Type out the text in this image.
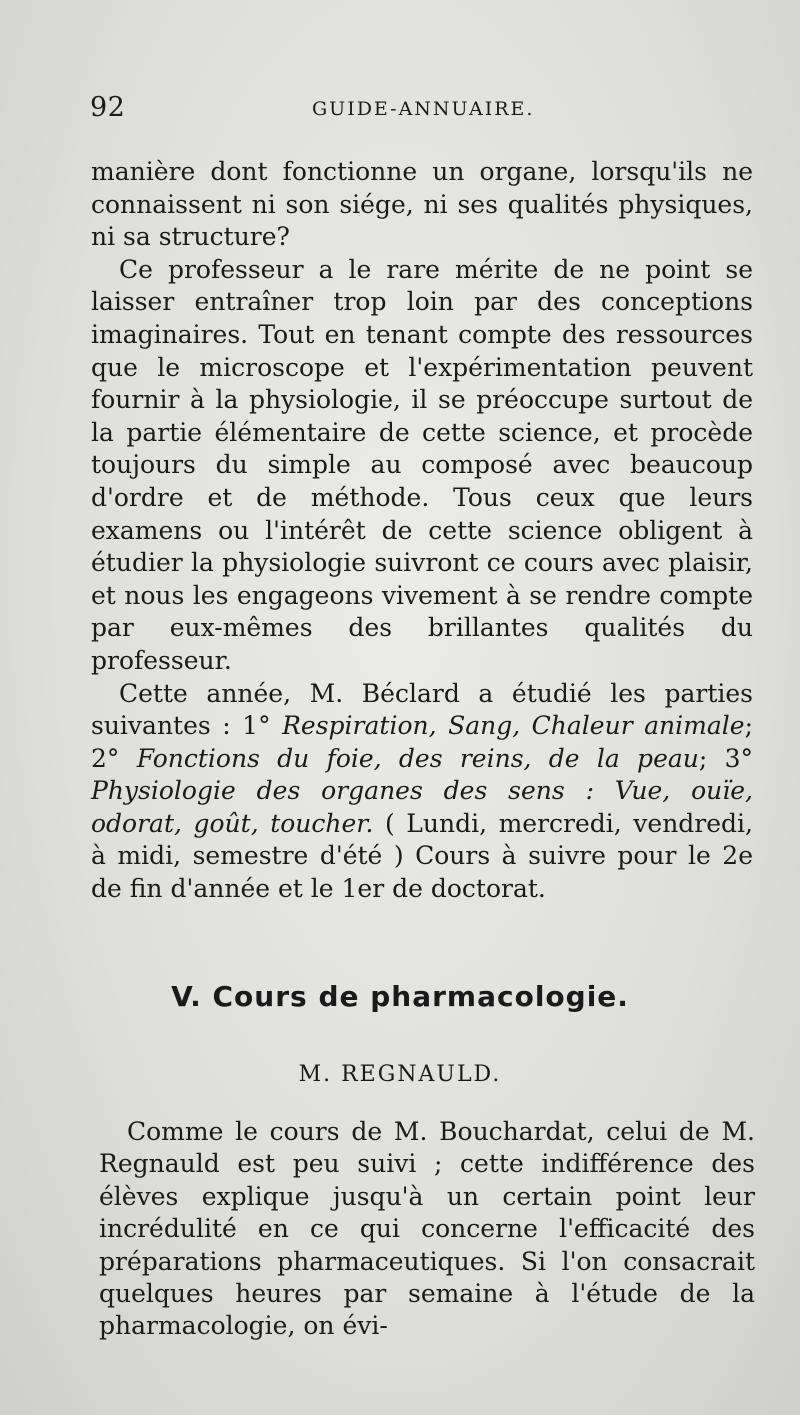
92	GUIDE-ANNUAIRE.

manière dont fonctionne un organe, lorsqu'ils ne connaissent ni son siége, ni ses qualités physiques, ni sa structure?

Ce professeur a le rare mérite de ne point se laisser entraîner trop loin par des conceptions imaginaires. Tout en tenant compte des ressources que le microscope et l'expérimentation peuvent fournir à la physiologie, il se préoccupe surtout de la partie élémentaire de cette science, et procède toujours du simple au composé avec beaucoup d'ordre et de méthode. Tous ceux que leurs examens ou l'intérêt de cette science obligent à étudier la physiologie suivront ce cours avec plaisir, et nous les engageons vivement à se rendre compte par eux-mêmes des brillantes qualités du professeur.

Cette année, M. Béclard a étudié les parties suivantes : 1° Respiration, Sang, Chaleur animale; 2° Fonctions du foie, des reins, de la peau; 3° Physiologie des organes des sens : Vue, ouïe, odorat, goût, toucher. ( Lundi, mercredi, vendredi, à midi, semestre d'été ) Cours à suivre pour le 2e de fin d'année et le 1er de doctorat.

V. Cours de pharmacologie.
M. REGNAULD.

Comme le cours de M. Bouchardat, celui de M. Regnauld est peu suivi ; cette indifférence des élèves explique jusqu'à un certain point leur incrédulité en ce qui concerne l'efficacité des préparations pharmaceutiques. Si l'on consacrait quelques heures par semaine à l'étude de la pharmacologie, on évi-
